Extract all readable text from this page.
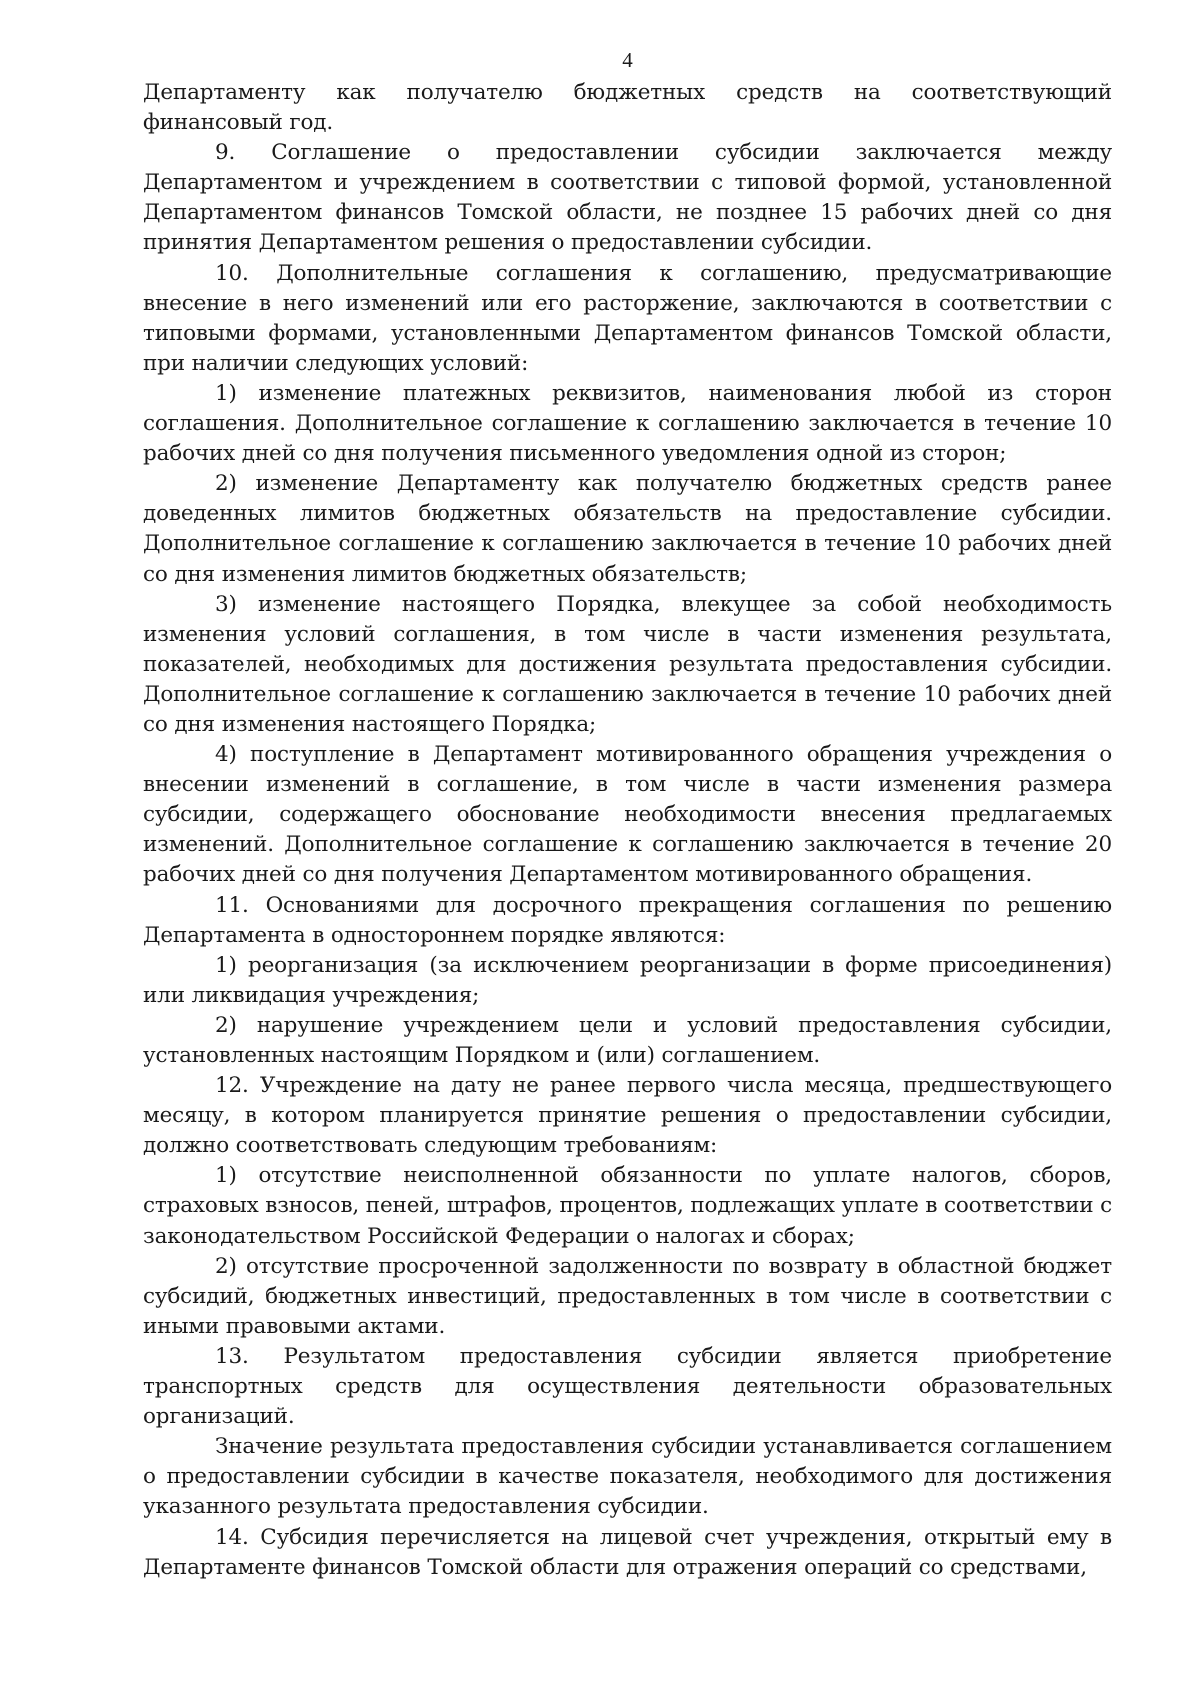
4

Департаменту как получателю бюджетных средств на соответствующий финансовый год.

9. Соглашение о предоставлении субсидии заключается между Департаментом и учреждением в соответствии с типовой формой, установленной Департаментом финансов Томской области, не позднее 15 рабочих дней со дня принятия Департаментом решения о предоставлении субсидии.

10. Дополнительные соглашения к соглашению, предусматривающие внесение в него изменений или его расторжение, заключаются в соответствии с типовыми формами, установленными Департаментом финансов Томской области, при наличии следующих условий:

1) изменение платежных реквизитов, наименования любой из сторон соглашения. Дополнительное соглашение к соглашению заключается в течение 10 рабочих дней со дня получения письменного уведомления одной из сторон;

2) изменение Департаменту как получателю бюджетных средств ранее доведенных лимитов бюджетных обязательств на предоставление субсидии. Дополнительное соглашение к соглашению заключается в течение 10 рабочих дней со дня изменения лимитов бюджетных обязательств;

3) изменение настоящего Порядка, влекущее за собой необходимость изменения условий соглашения, в том числе в части изменения результата, показателей, необходимых для достижения результата предоставления субсидии. Дополнительное соглашение к соглашению заключается в течение 10 рабочих дней со дня изменения настоящего Порядка;

4) поступление в Департамент мотивированного обращения учреждения о внесении изменений в соглашение, в том числе в части изменения размера субсидии, содержащего обоснование необходимости внесения предлагаемых изменений. Дополнительное соглашение к соглашению заключается в течение 20 рабочих дней со дня получения Департаментом мотивированного обращения.

11. Основаниями для досрочного прекращения соглашения по решению Департамента в одностороннем порядке являются:

1) реорганизация (за исключением реорганизации в форме присоединения) или ликвидация учреждения;

2) нарушение учреждением цели и условий предоставления субсидии, установленных настоящим Порядком и (или) соглашением.

12. Учреждение на дату не ранее первого числа месяца, предшествующего месяцу, в котором планируется принятие решения о предоставлении субсидии, должно соответствовать следующим требованиям:

1) отсутствие неисполненной обязанности по уплате налогов, сборов, страховых взносов, пеней, штрафов, процентов, подлежащих уплате в соответствии с законодательством Российской Федерации о налогах и сборах;

2) отсутствие просроченной задолженности по возврату в областной бюджет субсидий, бюджетных инвестиций, предоставленных в том числе в соответствии с иными правовыми актами.

13. Результатом предоставления субсидии является приобретение транспортных средств для осуществления деятельности образовательных организаций.

Значение результата предоставления субсидии устанавливается соглашением о предоставлении субсидии в качестве показателя, необходимого для достижения указанного результата предоставления субсидии.

14. Субсидия перечисляется на лицевой счет учреждения, открытый ему в Департаменте финансов Томской области для отражения операций со средствами,
